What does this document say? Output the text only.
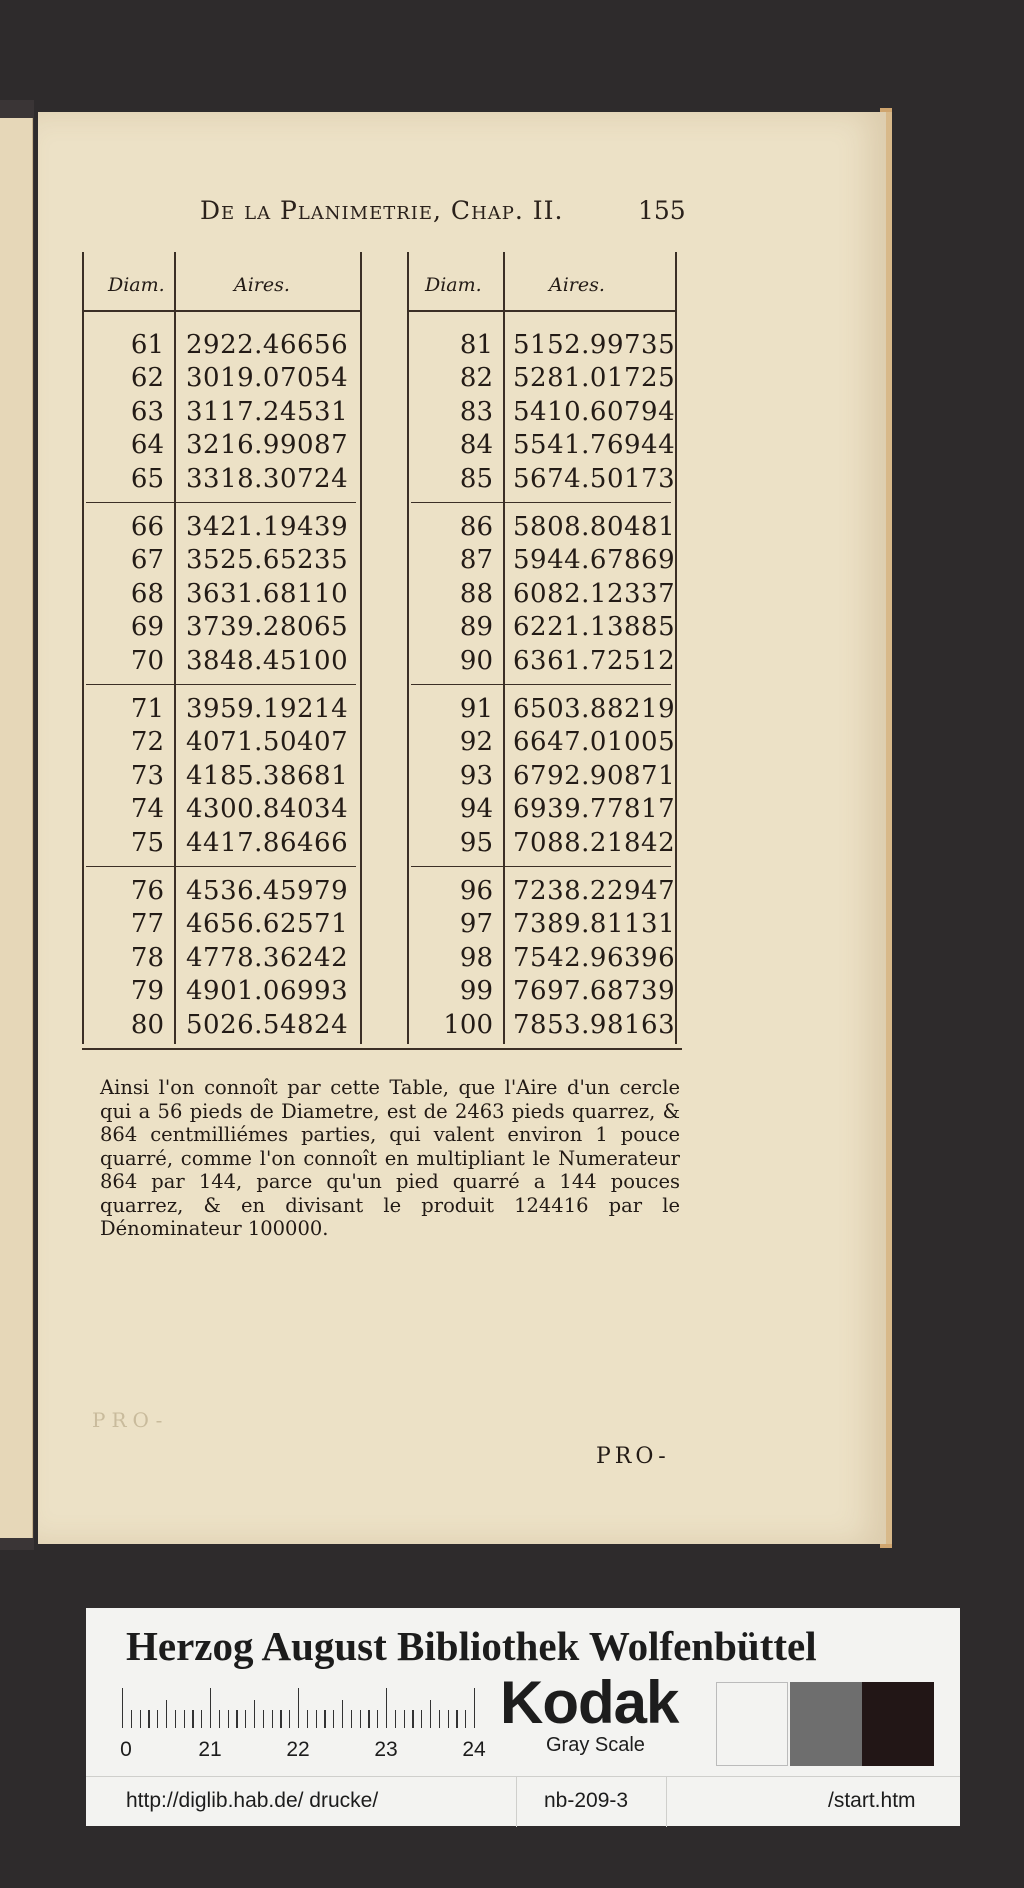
De la Planimetrie, Chap. II.	155
Diam.	Aires.
61 2922.46656
62 3019.07054
63 3117.24531
64 3216.99087
65 3318.30724
66 3421.19439
67 3525.65235
68 3631.68110
69 3739.28065
70 3848.45100
71 3959.19214
72 4071.50407
73 4185.38681
74 4300.84034
75 4417.86466
76 4536.45979
77 4656.62571
78 4778.36242
79 4901.06993
80 5026.54824
Diam.	Aires.
81 5152.99735
82 5281.01725
83 5410.60794
84 5541.76944
85 5674.50173
86 5808.80481
87 5944.67869
88 6082.12337
89 6221.13885
90 6361.72512
91 6503.88219
92 6647.01005
93 6792.90871
94 6939.77817
95 7088.21842
96 7238.22947
97 7389.81131
98 7542.96396
99 7697.68739
100 7853.98163
Ainsi l'on connoît par cette Table, que l'Aire d'un cercle qui a 56 pieds de Diametre, est de 2463 pieds quarrez, & 864 centmilliémes parties, qui valent environ 1 pouce quarré, comme l'on connoît en multipliant le Numerateur 864 par 144, parce qu'un pied quarré a 144 pouces quarrez, & en divisant le produit 124416 par le Dénominateur 100000.
PRO-
PRO-
Herzog August Bibliothek Wolfenbüttel
0	21	22	23	24
Kodak
Gray Scale
http://diglib.hab.de/ drucke/	nb-209-3	/start.htm
